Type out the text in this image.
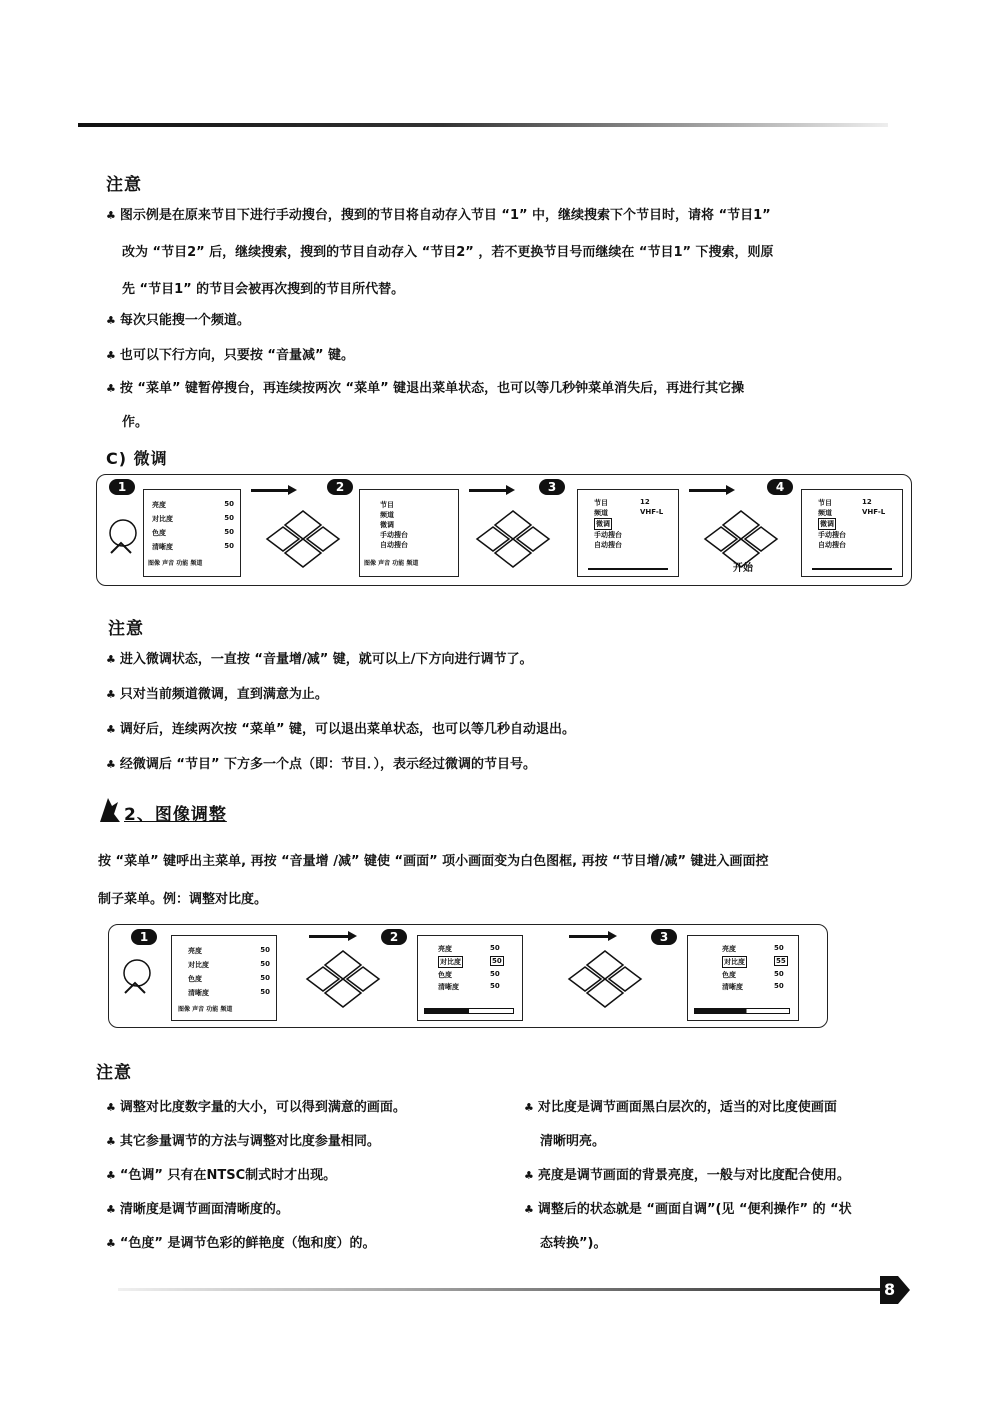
注意
♣ 图示例是在原来节目下进行手动搜台，搜到的节目将自动存入节目 “1” 中，继续搜索下个节目时，请将 “节目1”
改为 “节目2” 后，继续搜索，搜到的节目自动存入 “节目2” ，若不更换节目号而继续在 “节目1” 下搜索，则原
先 “节目1” 的节目会被再次搜到的节目所代替。
♣ 每次只能搜一个频道。
♣ 也可以下行方向，只要按 “音量减” 键。
♣ 按 “菜单” 键暂停搜台，再连续按两次 “菜单” 键退出菜单状态，也可以等几秒钟菜单消失后，再进行其它操
作。
C) 微调
1
亮度	50
对比度	50
色度	50
清晰度	50
图像 声音 功能 频道
2
节目
频道
微调
手动搜台
自动搜台
图像 声音 功能 频道
3
节目	12
频道	VHF-L
微调
手动搜台
自动搜台
4
开始
节目	12
频道	VHF-L
微调
手动搜台
自动搜台
注意
♣ 进入微调状态，一直按 “音量增/减” 键，就可以上/下方向进行调节了。
♣ 只对当前频道微调，直到满意为止。
♣ 调好后，连续两次按 “菜单” 键，可以退出菜单状态，也可以等几秒自动退出。
♣ 经微调后 “节目” 下方多一个点（即：节目．），表示经过微调的节目号。
2、图像调整
按 “菜单” 键呼出主菜单, 再按 “音量增 /减” 键使 “画面” 项小画面变为白色图框, 再按 “节目增/减” 键进入画面控
制子菜单。例：调整对比度。
1
亮度	50
对比度	50
色度	50
清晰度	50
图像 声音 功能 频道
2
亮度	50
对比度	50
色度	50
清晰度	50
3
亮度	50
对比度	55
色度	50
清晰度	50
注意
♣ 调整对比度数字量的大小，可以得到满意的画面。
♣ 其它参量调节的方法与调整对比度参量相同。
♣ “色调” 只有在NTSC制式时才出现。
♣ 清晰度是调节画面清晰度的。
♣ “色度” 是调节色彩的鲜艳度（饱和度）的。
♣ 对比度是调节画面黑白层次的，适当的对比度使画面
清晰明亮。
♣ 亮度是调节画面的背景亮度，一般与对比度配合使用。
♣ 调整后的状态就是 “画面自调”(见 “便利操作” 的 “状
态转换”)。
8
